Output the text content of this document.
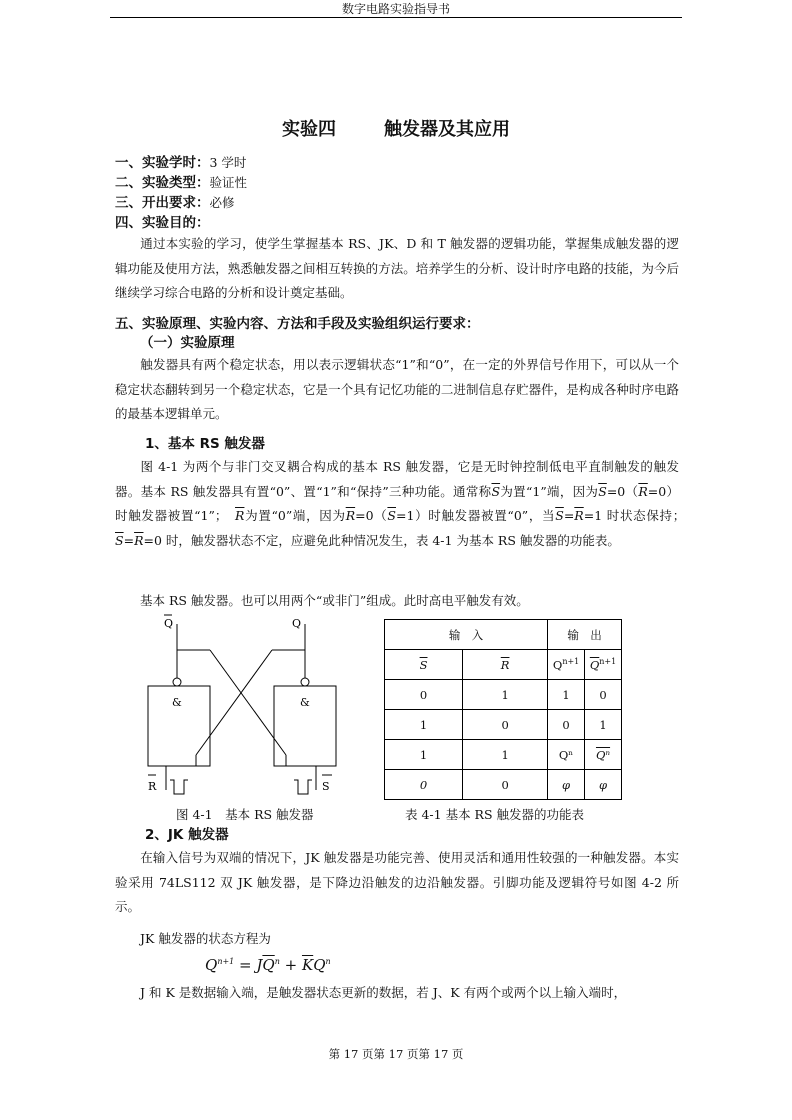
数字电路实验指导书
实验四	触发器及其应用
一、实验学时：3 学时
二、实验类型：验证性
三、开出要求：必修
四、实验目的：
通过本实验的学习，使学生掌握基本 RS、JK、D 和 T 触发器的逻辑功能，掌握集成触发器的逻辑功能及使用方法，熟悉触发器之间相互转换的方法。培养学生的分析、设计时序电路的技能，为今后继续学习综合电路的分析和设计奠定基础。
五、实验原理、实验内容、方法和手段及实验组织运行要求：
（一）实验原理
触发器具有两个稳定状态，用以表示逻辑状态“1”和“0”，在一定的外界信号作用下，可以从一个稳定状态翻转到另一个稳定状态，它是一个具有记忆功能的二进制信息存贮器件，是构成各种时序电路的最基本逻辑单元。
1、基本 RS 触发器
图 4-1 为两个与非门交叉耦合构成的基本 RS 触发器，它是无时钟控制低电平直制触发的触发器。基本 RS 触发器具有置“0”、置“1”和“保持”三种功能。通常称$\overline{S}$为置“1”端，因为$\overline{S}=0(\overline{R}=0)$时触发器被置“1”；　 $\overline{R}$为置“0”端，因为$\overline{R}=0(\overline{S}=1)$时触发器被置“0”，当$\overline{S}=\overline{R}=1$ 时状态保持；　$\overline{S}=\overline{R}=0$ 时，触发器状态不定，应避免此种情况发生，表 4-1 为基本 RS 触发器的功能表。
基本 RS 触发器。也可以用两个“或非门”组成。此时高电平触发有效。
Q	Q
&	&
R	S
输　入		输　出	
$\overline{S}$	$\overline{R}$	$Q^{n+1}$	$\overline{Q}^{n+1}$
0	1	1	0
1	0	0	1
1	1	Qⁿ	$\overline{Q^n}$
0	0	φ	φ
图 4-1　基本 RS 触发器	表 4-1 基本 RS 触发器的功能表
2、JK 触发器
在输入信号为双端的情况下，JK 触发器是功能完善、使用灵活和通用性较强的一种触发器。本实验采用 74LS112 双 JK 触发器，是下降边沿触发的边沿触发器。引脚功能及逻辑符号如图 4-2 所示。
JK 触发器的状态方程为
$Q^{n+1} = J\overline{Q}^n + \overline{K}Q^n$
J 和 K 是数据输入端，是触发器状态更新的数据，若 J、K 有两个或两个以上输入端时，
第 17 页第 17 页第 17 页
